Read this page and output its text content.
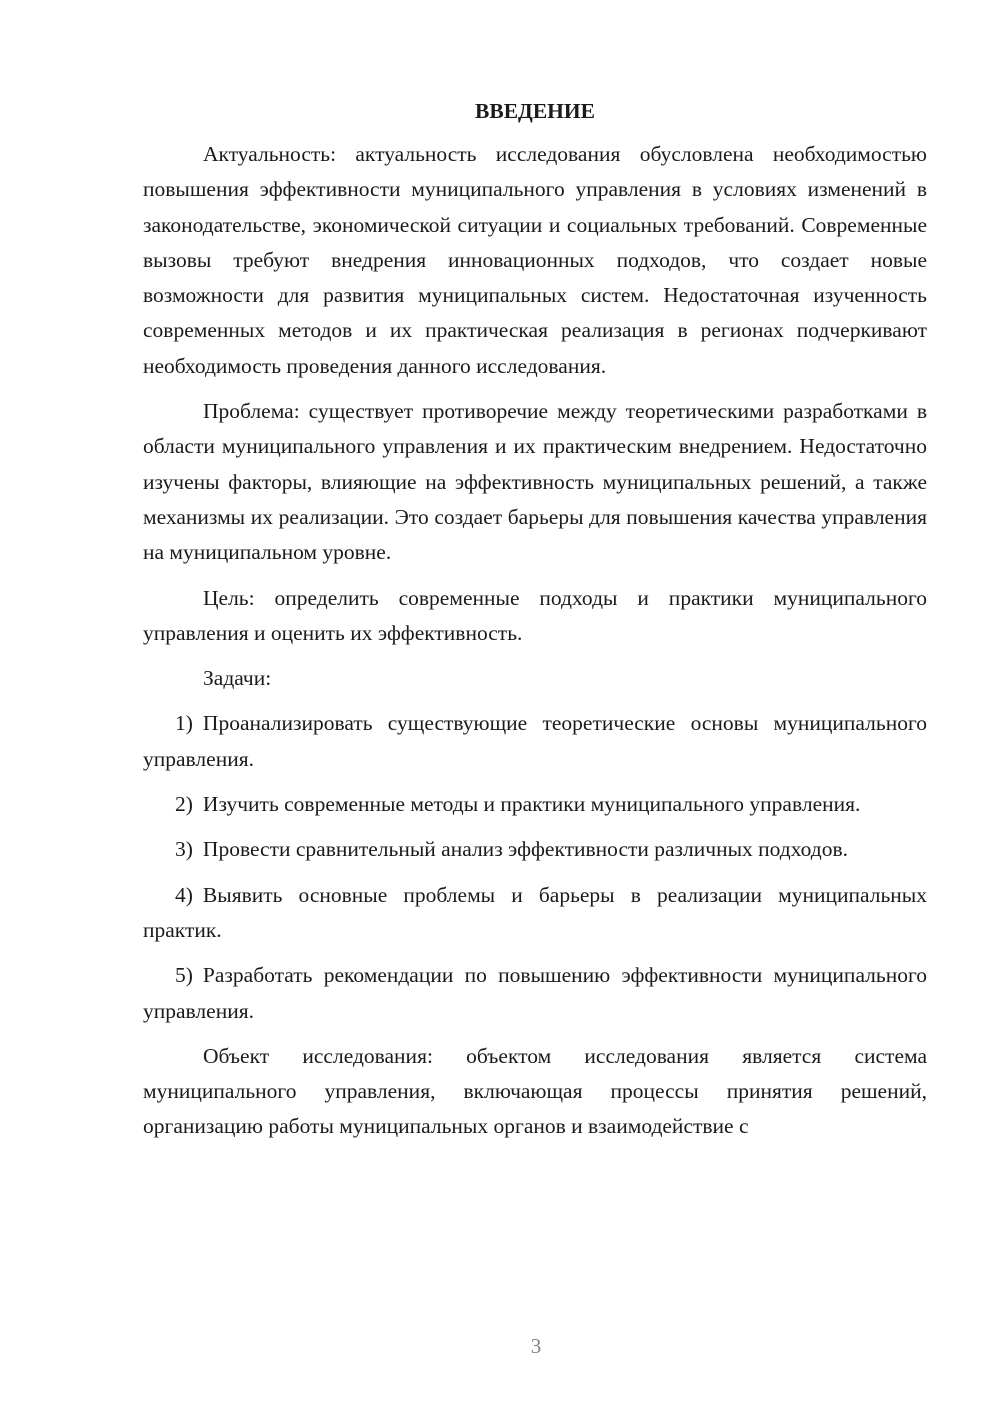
ВВЕДЕНИЕ

Актуальность: актуальность исследования обусловлена необходимостью повышения эффективности муниципального управления в условиях изменений в законодательстве, экономической ситуации и социальных требований. Современные вызовы требуют внедрения инновационных подходов, что создает новые возможности для развития муниципальных систем. Недостаточная изученность современных методов и их практическая реализация в регионах подчеркивают необходимость проведения данного исследования.

Проблема: существует противоречие между теоретическими разработками в области муниципального управления и их практическим внедрением. Недостаточно изучены факторы, влияющие на эффективность муниципальных решений, а также механизмы их реализации. Это создает барьеры для повышения качества управления на муниципальном уровне.

Цель: определить современные подходы и практики муниципального управления и оценить их эффективность.

Задачи:

1) Проанализировать существующие теоретические основы муниципального управления.

2) Изучить современные методы и практики муниципального управления.

3) Провести сравнительный анализ эффективности различных подходов.

4) Выявить основные проблемы и барьеры в реализации муниципальных практик.

5) Разработать рекомендации по повышению эффективности муниципального управления.

Объект исследования: объектом исследования является система муниципального управления, включающая процессы принятия решений, организацию работы муниципальных органов и взаимодействие с

3
